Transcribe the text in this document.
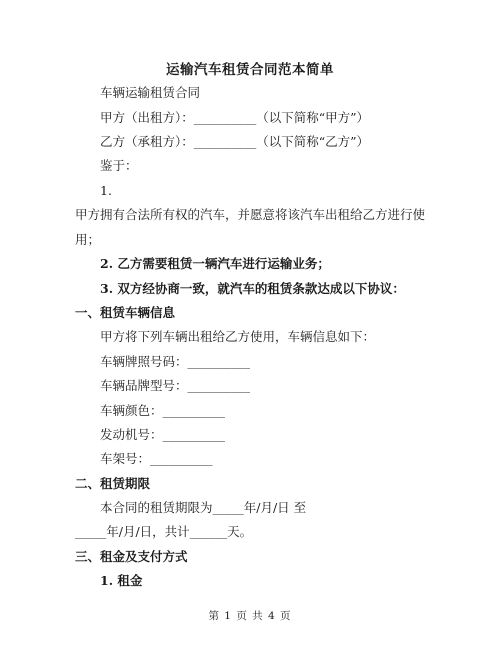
运输汽车租赁合同范本简单
车辆运输租赁合同
甲方（出租方）：__________（以下简称“甲方”）
乙方（承租方）：__________（以下简称“乙方”）
鉴于：
1.
甲方拥有合法所有权的汽车，并愿意将该汽车出租给乙方进行使
用；
2. 乙方需要租赁一辆汽车进行运输业务；
3. 双方经协商一致，就汽车的租赁条款达成以下协议：
一、租赁车辆信息
甲方将下列车辆出租给乙方使用，车辆信息如下：
车辆牌照号码：__________
车辆品牌型号：__________
车辆颜色：__________
发动机号：__________
车架号：__________
二、租赁期限
本合同的租赁期限为_____年/月/日 至
_____年/月/日，共计______天。
三、租金及支付方式
1. 租金
第 1 页 共 4 页
